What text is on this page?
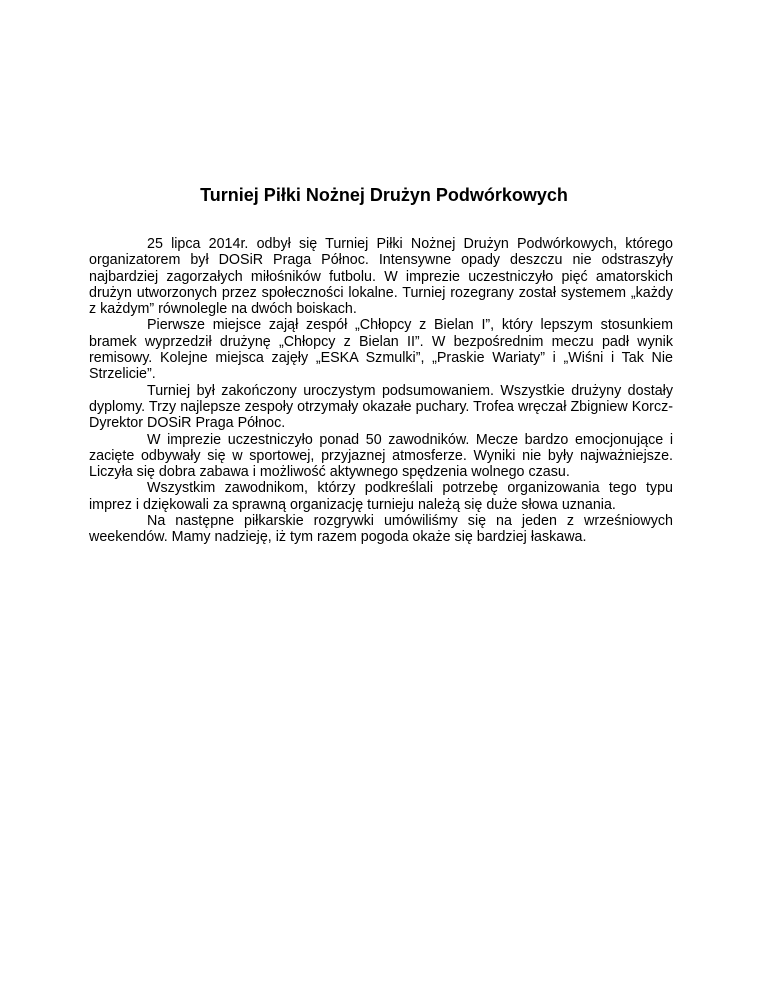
Turniej Piłki Nożnej Drużyn Podwórkowych

25 lipca 2014r. odbył się Turniej Piłki Nożnej Drużyn Podwórkowych, którego organizatorem był DOSiR Praga Północ. Intensywne opady deszczu nie odstraszyły najbardziej zagorzałych miłośników futbolu. W imprezie uczestniczyło pięć amatorskich drużyn utworzonych przez społeczności lokalne. Turniej rozegrany został systemem „każdy z każdym” równolegle na dwóch boiskach.

Pierwsze miejsce zajął zespół „Chłopcy z Bielan I”, który lepszym stosunkiem bramek wyprzedził drużynę „Chłopcy z Bielan II”. W bezpośrednim meczu padł wynik remisowy. Kolejne miejsca zajęły „ESKA Szmulki”, „Praskie Wariaty” i „Wiśni i Tak Nie Strzelicie”.

Turniej był zakończony uroczystym podsumowaniem. Wszystkie drużyny dostały dyplomy. Trzy najlepsze zespoły otrzymały okazałe puchary. Trofea wręczał Zbigniew Korcz- Dyrektor DOSiR Praga Północ.

W imprezie uczestniczyło ponad 50 zawodników. Mecze bardzo emocjonujące i zacięte odbywały się w sportowej, przyjaznej atmosferze. Wyniki nie były najważniejsze. Liczyła się dobra zabawa i możliwość aktywnego spędzenia wolnego czasu.

Wszystkim zawodnikom, którzy podkreślali potrzebę organizowania tego typu imprez i dziękowali za sprawną organizację turnieju należą się duże słowa uznania.

Na następne piłkarskie rozgrywki umówiliśmy się na jeden z wrześniowych weekendów. Mamy nadzieję, iż tym razem pogoda okaże się bardziej łaskawa.
